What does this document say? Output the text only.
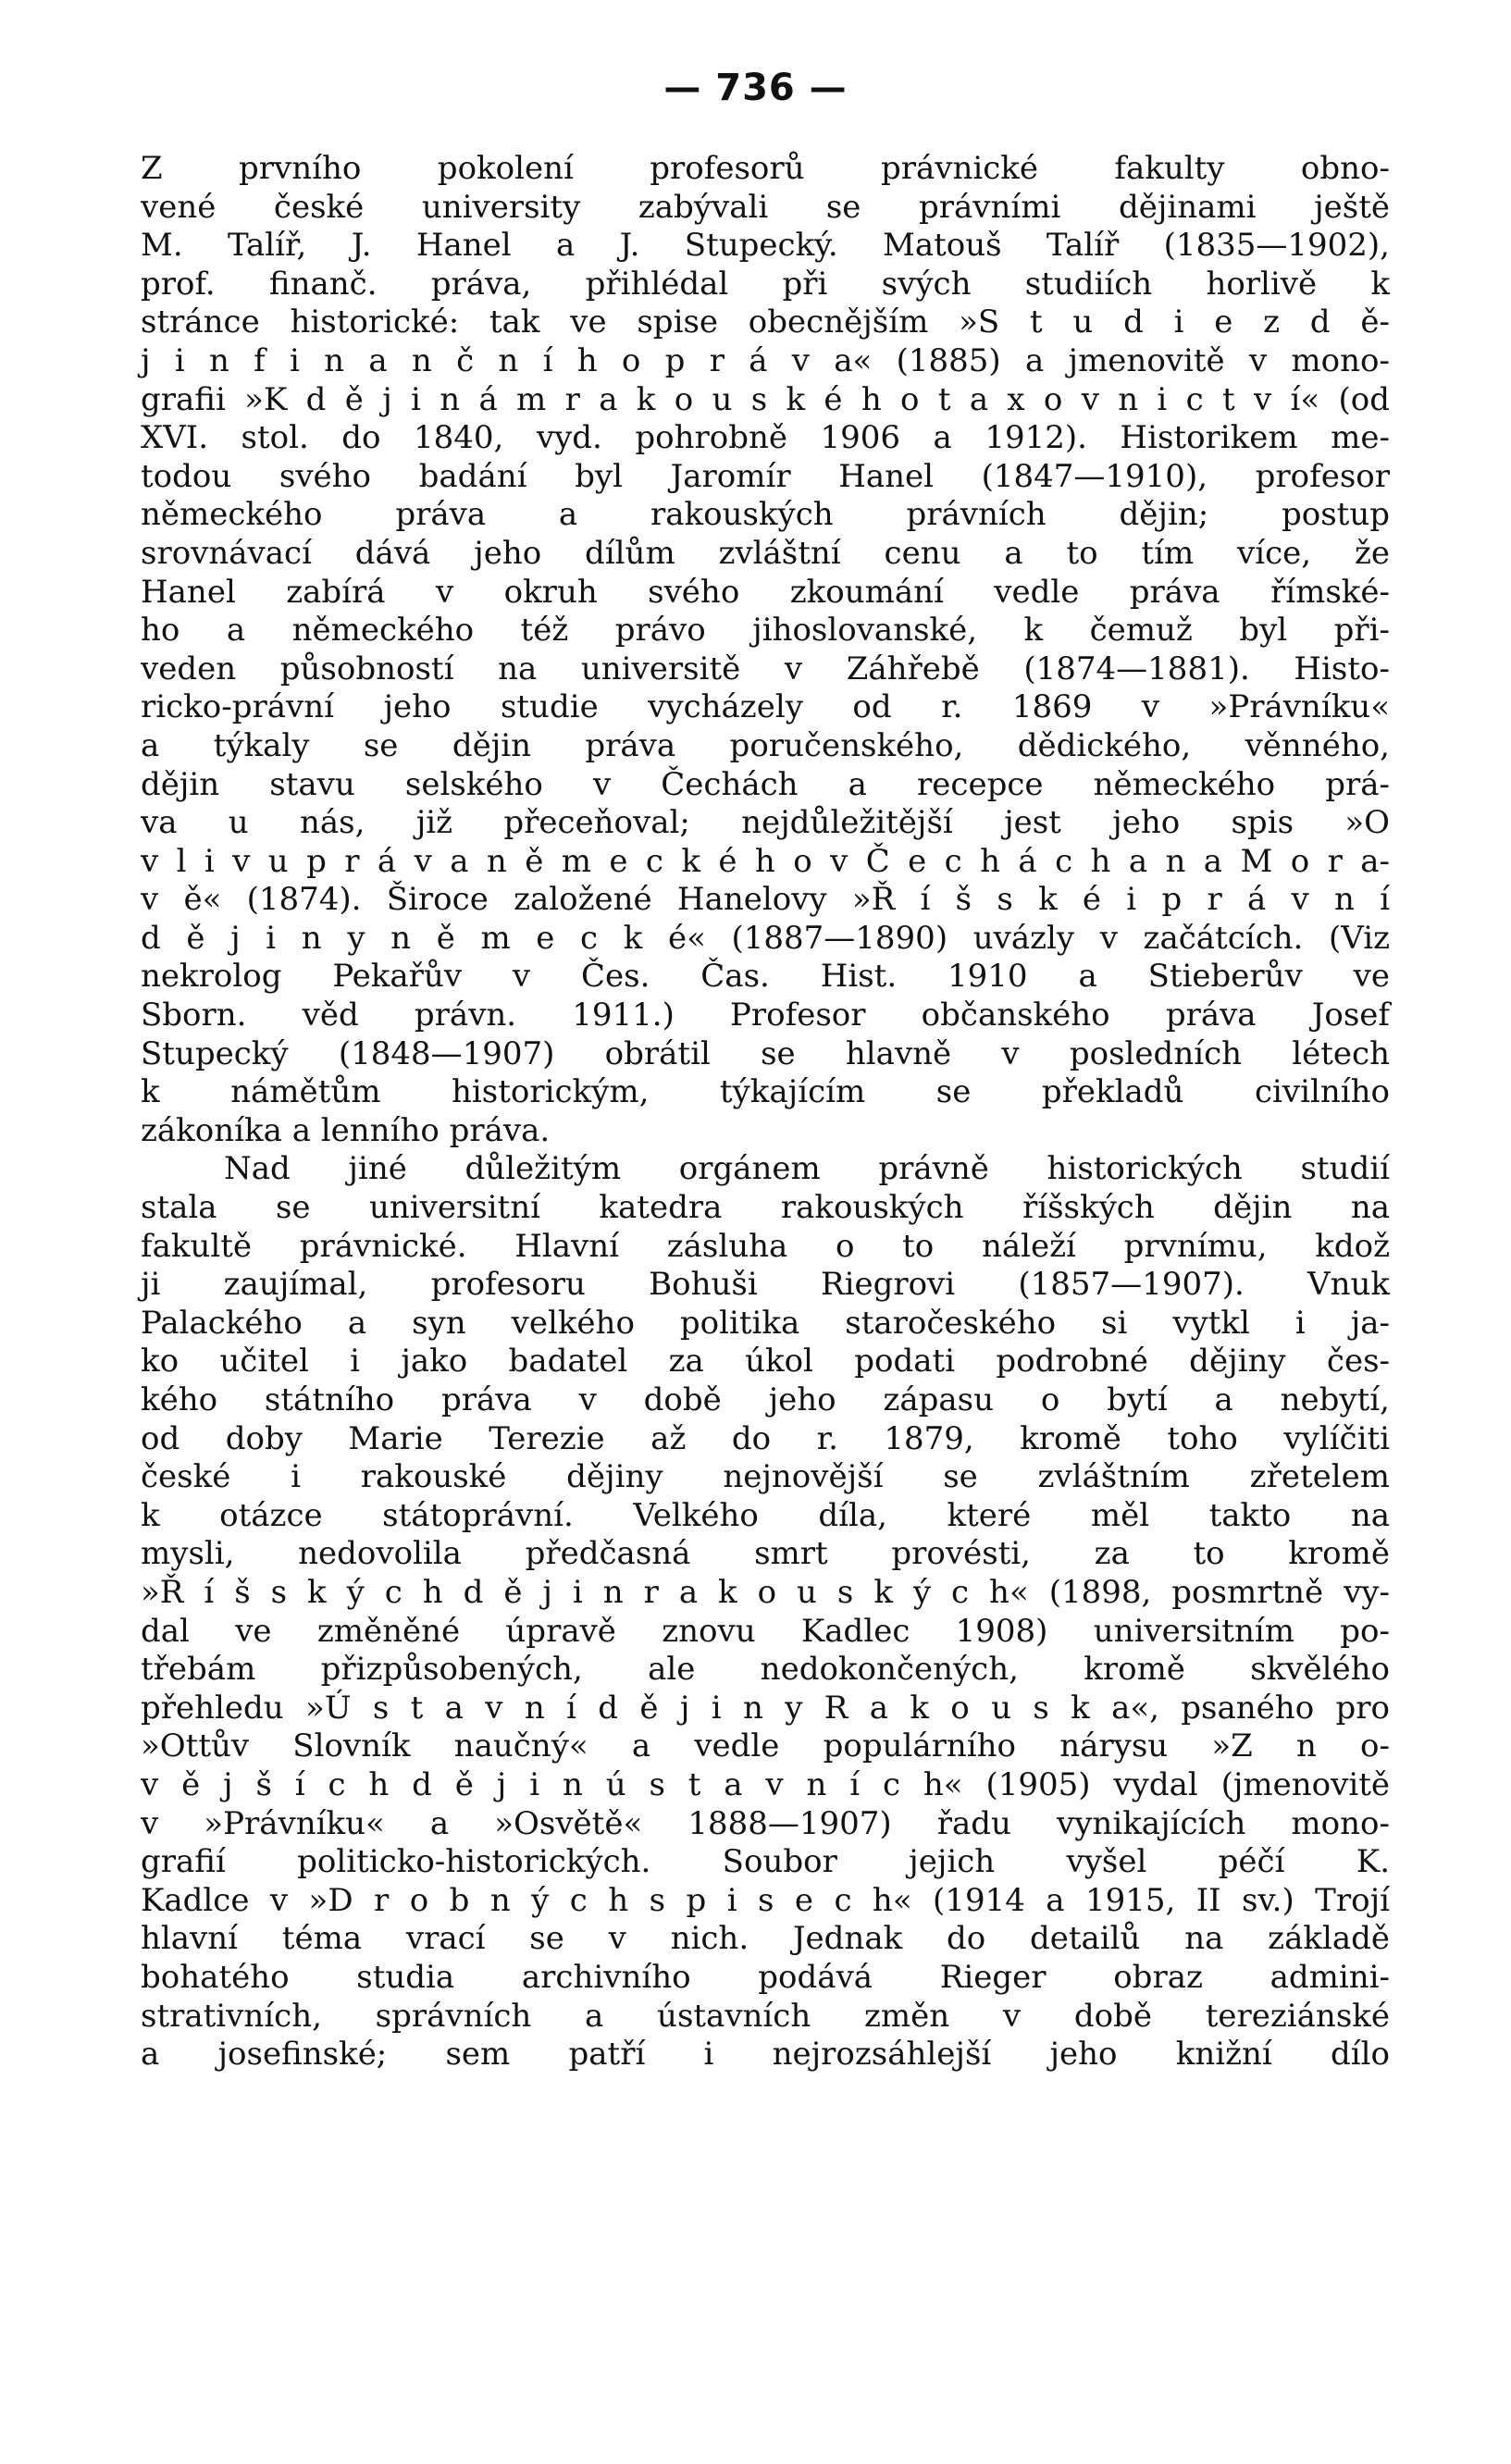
— 736 —
Z prvního pokolení profesorů právnické fakulty obno-
vené české university zabývali se právními dějinami ještě
M. Talíř, J. Hanel a J. Stupecký. Matouš Talíř (1835—1902),
prof. finanč. práva, přihlédal při svých studiích horlivě k
stránce historické: tak ve spise obecnějším »S t u d i e z d ě-
j i n f i n a n č n í h o p r á v a« (1885) a jmenovitě v mono-
grafii »K d ě j i n á m r a k o u s k é h o t a x o v n i c t v í« (od
XVI. stol. do 1840, vyd. pohrobně 1906 a 1912). Historikem me-
todou svého badání byl Jaromír Hanel (1847—1910), profesor
německého práva a rakouských právních dějin; postup
srovnávací dává jeho dílům zvláštní cenu a to tím více, že
Hanel zabírá v okruh svého zkoumání vedle práva římské-
ho a německého též právo jihoslovanské, k čemuž byl při-
veden působností na universitě v Záhřebě (1874—1881). Histo-
ricko-právní jeho studie vycházely od r. 1869 v »Právníku«
a týkaly se dějin práva poručenského, dědického, věnného,
dějin stavu selského v Čechách a recepce německého prá-
va u nás, již přeceňoval; nejdůležitější jest jeho spis »O
v l i v u p r á v a n ě m e c k é h o v Č e c h á c h a n a M o r a-
v ě« (1874). Široce založené Hanelovy »Ř í š s k é i p r á v n í
d ě j i n y n ě m e c k é« (1887—1890) uvázly v začátcích. (Viz
nekrolog Pekařův v Čes. Čas. Hist. 1910 a Stieberův ve
Sborn. věd právn. 1911.) Profesor občanského práva Josef
Stupecký (1848—1907) obrátil se hlavně v posledních létech
k námětům historickým, týkajícím se překladů civilního
zákoníka a lenního práva.
Nad jiné důležitým orgánem právně historických studií
stala se universitní katedra rakouských říšských dějin na
fakultě právnické. Hlavní zásluha o to náleží prvnímu, kdož
ji zaujímal, profesoru Bohuši Riegrovi (1857—1907). Vnuk
Palackého a syn velkého politika staročeského si vytkl i ja-
ko učitel i jako badatel za úkol podati podrobné dějiny čes-
kého státního práva v době jeho zápasu o bytí a nebytí,
od doby Marie Terezie až do r. 1879, kromě toho vylíčiti
české i rakouské dějiny nejnovější se zvláštním zřetelem
k otázce státoprávní. Velkého díla, které měl takto na
mysli, nedovolila předčasná smrt provésti, za to kromě
»Ř í š s k ý c h d ě j i n r a k o u s k ý c h« (1898, posmrtně vy-
dal ve změněné úpravě znovu Kadlec 1908) universitním po-
třebám přizpůsobených, ale nedokončených, kromě skvělého
přehledu »Ú s t a v n í d ě j i n y R a k o u s k a«, psaného pro
»Ottův Slovník naučný« a vedle populárního nárysu »Z n o-
v ě j š í c h d ě j i n ú s t a v n í c h« (1905) vydal (jmenovitě
v »Právníku« a »Osvětě« 1888—1907) řadu vynikajících mono-
grafií politicko-historických. Soubor jejich vyšel péčí K.
Kadlce v »D r o b n ý c h s p i s e c h« (1914 a 1915, II sv.) Trojí
hlavní téma vrací se v nich. Jednak do detailů na základě
bohatého studia archivního podává Rieger obraz admini-
strativních, správních a ústavních změn v době tereziánské
a josefinské; sem patří i nejrozsáhlejší jeho knižní dílo
